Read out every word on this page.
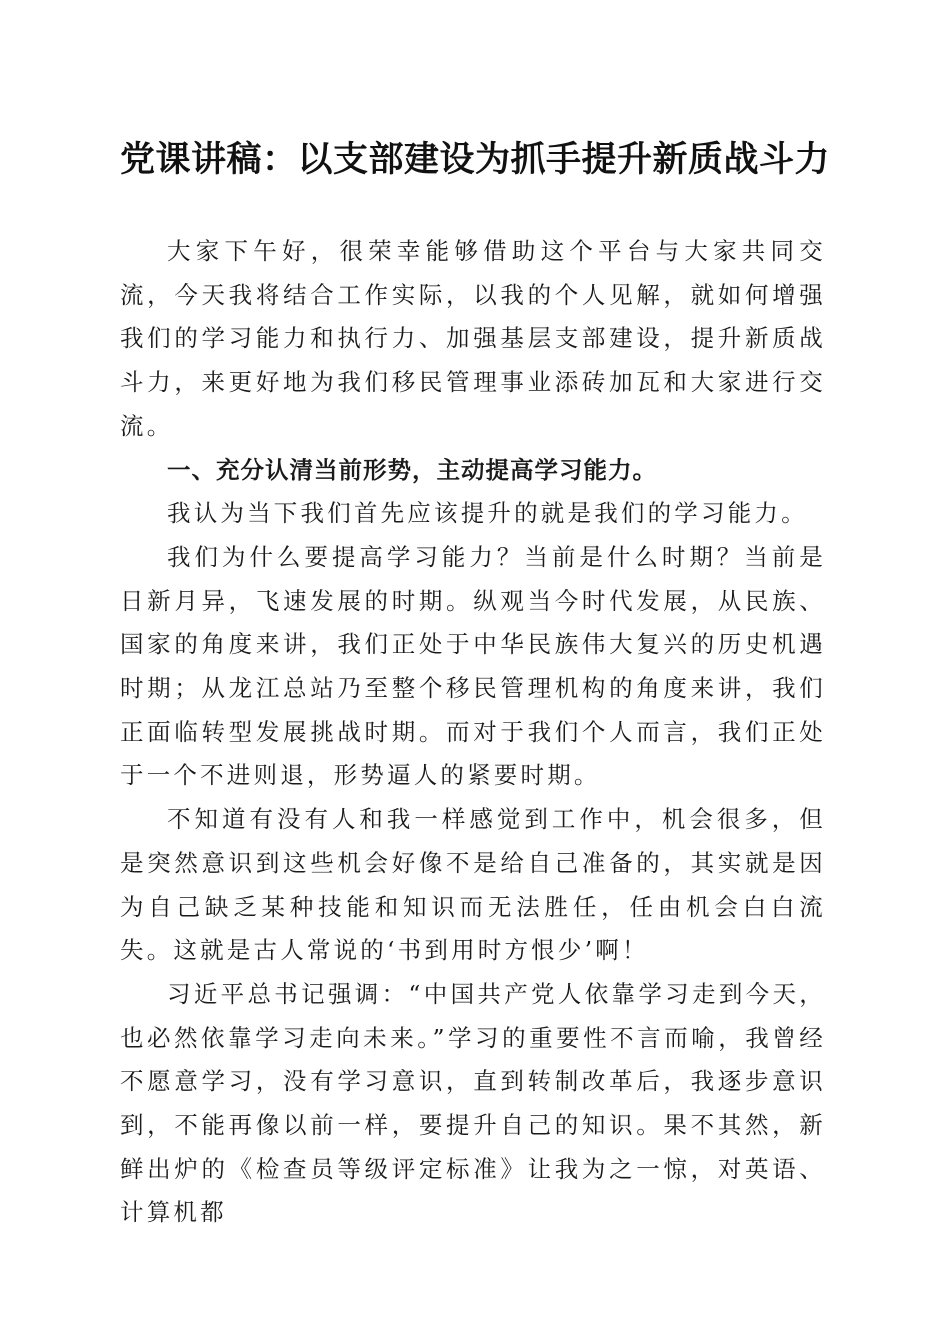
党课讲稿：以支部建设为抓手提升新质战斗力

大家下午好，很荣幸能够借助这个平台与大家共同交流，今天我将结合工作实际，以我的个人见解，就如何增强我们的学习能力和执行力、加强基层支部建设，提升新质战斗力，来更好地为我们移民管理事业添砖加瓦和大家进行交流。

一、充分认清当前形势，主动提高学习能力。

我认为当下我们首先应该提升的就是我们的学习能力。

我们为什么要提高学习能力？当前是什么时期？当前是日新月异，飞速发展的时期。纵观当今时代发展，从民族、国家的角度来讲，我们正处于中华民族伟大复兴的历史机遇时期；从龙江总站乃至整个移民管理机构的角度来讲，我们正面临转型发展挑战时期。而对于我们个人而言，我们正处于一个不进则退，形势逼人的紧要时期。

不知道有没有人和我一样感觉到工作中，机会很多，但是突然意识到这些机会好像不是给自己准备的，其实就是因为自己缺乏某种技能和知识而无法胜任，任由机会白白流失。这就是古人常说的‘书到用时方恨少’啊！

习近平总书记强调：“中国共产党人依靠学习走到今天，也必然依靠学习走向未来。”学习的重要性不言而喻，我曾经不愿意学习，没有学习意识，直到转制改革后，我逐步意识到，不能再像以前一样，要提升自己的知识。果不其然，新鲜出炉的《检查员等级评定标准》让我为之一惊，对英语、计算机都
